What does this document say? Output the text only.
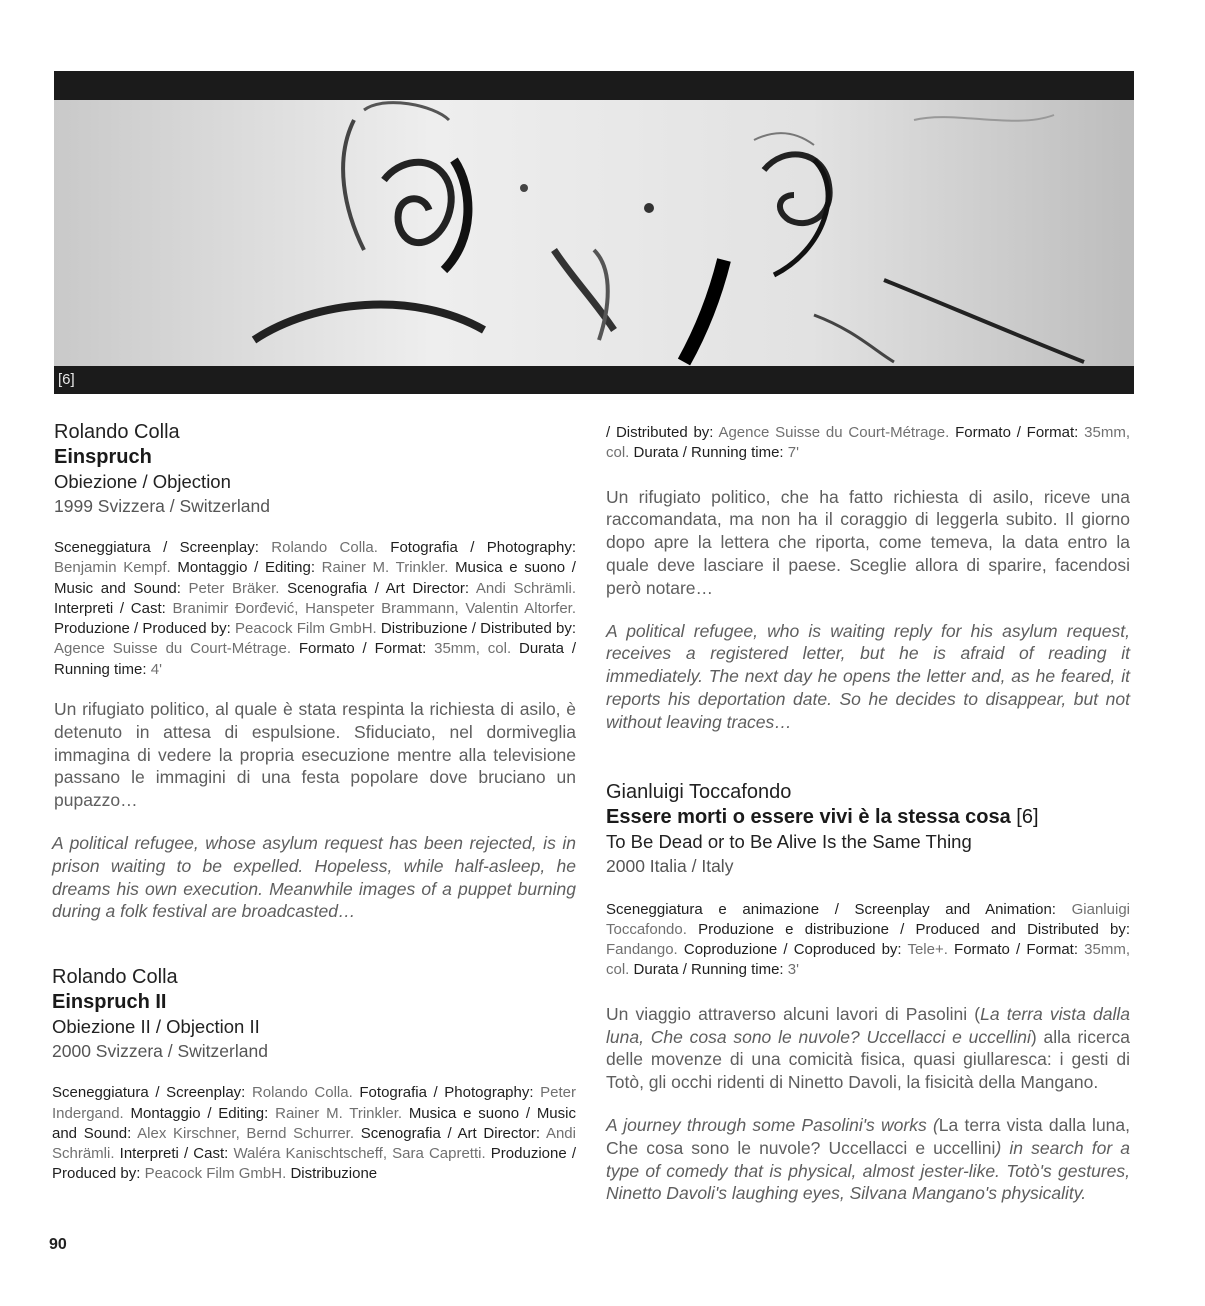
[6]
Rolando Colla
Einspruch
Obiezione / Objection
1999 Svizzera / Switzerland
Sceneggiatura / Screenplay: Rolando Colla. Fotografia / Photography: Benjamin Kempf. Montaggio / Editing: Rainer M. Trinkler. Musica e suono / Music and Sound: Peter Bräker. Scenografia / Art Director: Andi Schrämli. Interpreti / Cast: Branimir Đorđević, Hanspeter Brammann, Valentin Altorfer. Produzione / Produced by: Peacock Film GmbH. Distribuzione / Distributed by: Agence Suisse du Court-Métrage. Formato / Format: 35mm, col. Durata / Running time: 4'
Un rifugiato politico, al quale è stata respinta la richiesta di asilo, è detenuto in attesa di espulsione. Sfiduciato, nel dormiveglia immagina di vedere la propria esecuzione mentre alla televisione passano le immagini di una festa popolare dove bruciano un pupazzo…
A political refugee, whose asylum request has been rejected, is in prison waiting to be expelled. Hopeless, while half-asleep, he dreams his own execution. Meanwhile images of a puppet burning during a folk festival are broadcasted…
Rolando Colla
Einspruch II
Obiezione II / Objection II
2000 Svizzera / Switzerland
Sceneggiatura / Screenplay: Rolando Colla. Fotografia / Photography: Peter Indergand. Montaggio / Editing: Rainer M. Trinkler. Musica e suono / Music and Sound: Alex Kirschner, Bernd Schurrer. Scenografia / Art Director: Andi Schrämli. Interpreti / Cast: Waléra Kanischtscheff, Sara Capretti. Produzione / Produced by: Peacock Film GmbH. Distribuzione
/ Distributed by: Agence Suisse du Court-Métrage. Formato / Format: 35mm, col. Durata / Running time: 7'
Un rifugiato politico, che ha fatto richiesta di asilo, riceve una raccomandata, ma non ha il coraggio di leggerla subito. Il giorno dopo apre la lettera che riporta, come temeva, la data entro la quale deve lasciare il paese. Sceglie allora di sparire, facendosi però notare…
A political refugee, who is waiting reply for his asylum request, receives a registered letter, but he is afraid of reading it immediately. The next day he opens the letter and, as he feared, it reports his deportation date. So he decides to disappear, but not without leaving traces…
Gianluigi Toccafondo
Essere morti o essere vivi è la stessa cosa [6]
To Be Dead or to Be Alive Is the Same Thing
2000 Italia / Italy
Sceneggiatura e animazione / Screenplay and Animation: Gianluigi Toccafondo. Produzione e distribuzione / Produced and Distributed by: Fandango. Coproduzione / Coproduced by: Tele+. Formato / Format: 35mm, col. Durata / Running time: 3'
Un viaggio attraverso alcuni lavori di Pasolini (La terra vista dalla luna, Che cosa sono le nuvole? Uccellacci e uccellini) alla ricerca delle movenze di una comicità fisica, quasi giullaresca: i gesti di Totò, gli occhi ridenti di Ninetto Davoli, la fisicità della Mangano.
A journey through some Pasolini's works (La terra vista dalla luna, Che cosa sono le nuvole? Uccellacci e uccellini) in search for a type of comedy that is physical, almost jester-like. Totò's gestures, Ninetto Davoli's laughing eyes, Silvana Mangano's physicality.
90
